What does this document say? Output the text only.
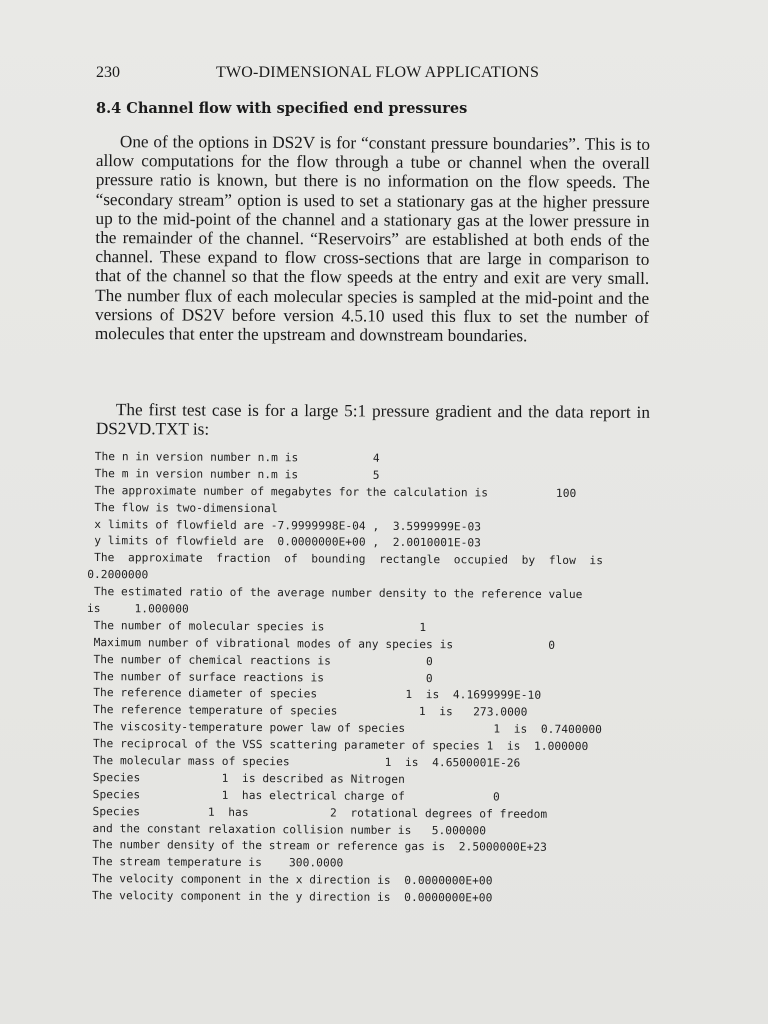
230	TWO-DIMENSIONAL FLOW APPLICATIONS
8.4 Channel flow with specified end pressures
One of the options in DS2V is for “constant pressure boundaries”. This is to allow computations for the flow through a tube or channel when the overall pressure ratio is known, but there is no information on the flow speeds. The “secondary stream” option is used to set a stationary gas at the higher pressure up to the mid-point of the channel and a stationary gas at the lower pressure in the remainder of the channel. “Reservoirs” are established at both ends of the channel. These expand to flow cross-sections that are large in comparison to that of the channel so that the flow speeds at the entry and exit are very small. The number flux of each molecular species is sampled at the mid-point and the versions of DS2V before version 4.5.10 used this flux to set the number of molecules that enter the upstream and downstream boundaries.
The first test case is for a large 5:1 pressure gradient and the data report in DS2VD.TXT is:
The n in version number n.m is           4
The m in version number n.m is           5
The approximate number of megabytes for the calculation is          100
The flow is two-dimensional
x limits of flowfield are -7.9999998E-04 ,  3.5999999E-03
y limits of flowfield are  0.0000000E+00 ,  2.0010001E-03
The  approximate  fraction  of  bounding  rectangle  occupied  by  flow  is
0.2000000
The estimated ratio of the average number density to the reference value
is     1.000000
The number of molecular species is              1
Maximum number of vibrational modes of any species is              0
The number of chemical reactions is              0
The number of surface reactions is               0
The reference diameter of species             1  is  4.1699999E-10
The reference temperature of species            1  is   273.0000
The viscosity-temperature power law of species             1  is  0.7400000
The reciprocal of the VSS scattering parameter of species 1  is  1.000000
The molecular mass of species              1  is  4.6500001E-26
Species            1  is described as Nitrogen
Species            1  has electrical charge of             0
Species          1  has            2  rotational degrees of freedom
and the constant relaxation collision number is   5.000000
The number density of the stream or reference gas is  2.5000000E+23
The stream temperature is    300.0000
The velocity component in the x direction is  0.0000000E+00
The velocity component in the y direction is  0.0000000E+00
